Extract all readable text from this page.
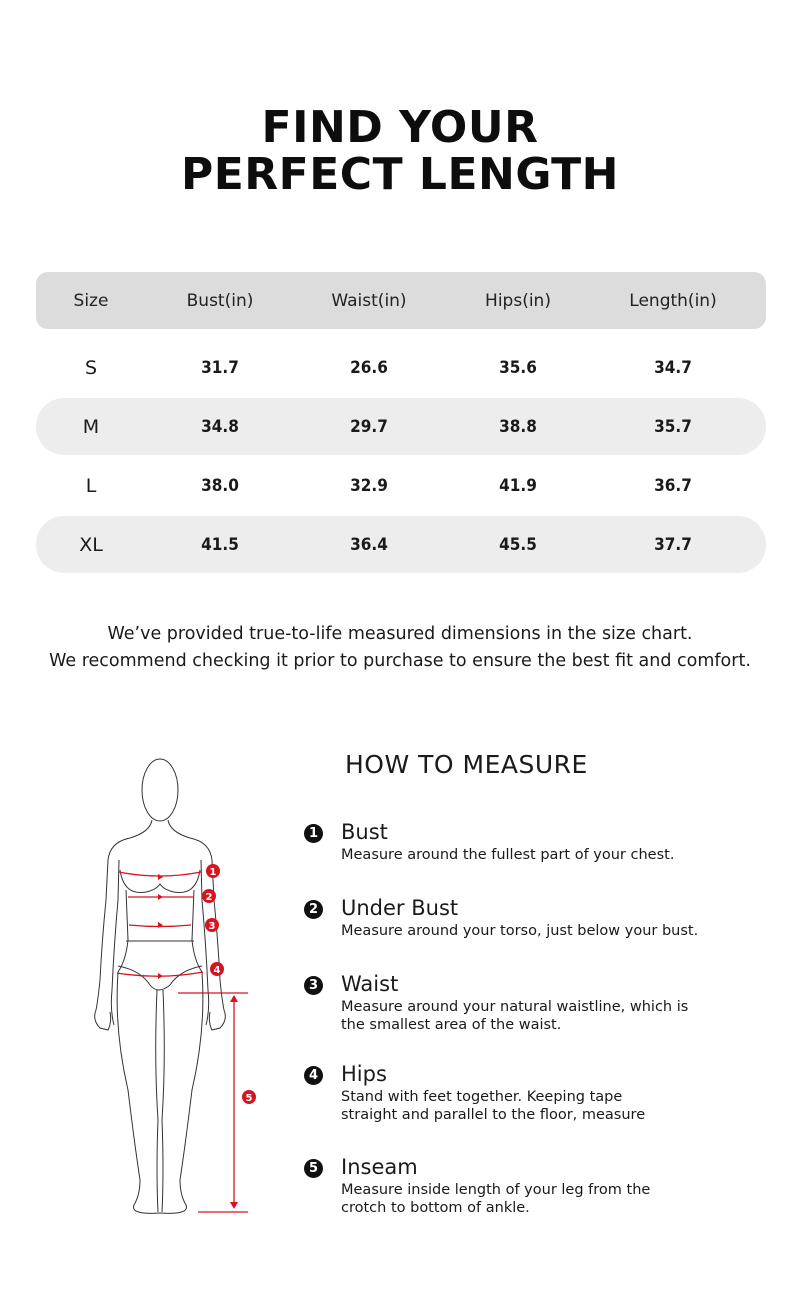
FIND YOUR
PERFECT LENGTH
Size	Bust(in)	Waist(in)	Hips(in)	Length(in)
S	31.7	26.6	35.6	34.7
M	34.8	29.7	38.8	35.7
L	38.0	32.9	41.9	36.7
XL	41.5	36.4	45.5	37.7
We’ve provided true-to-life measured dimensions in the size chart.
We recommend checking it prior to purchase to ensure the best fit and comfort.
1
2
3
4
5
HOW TO MEASURE
1 Bust
Measure around the fullest part of your chest.
2 Under Bust
Measure around your torso, just below your bust.
3 Waist
Measure around your natural waistline, which is the smallest area of the waist.
4 Hips
Stand with feet together. Keeping tape straight and parallel to the floor, measure
5 Inseam
Measure inside length of your leg from the crotch to bottom of ankle.
